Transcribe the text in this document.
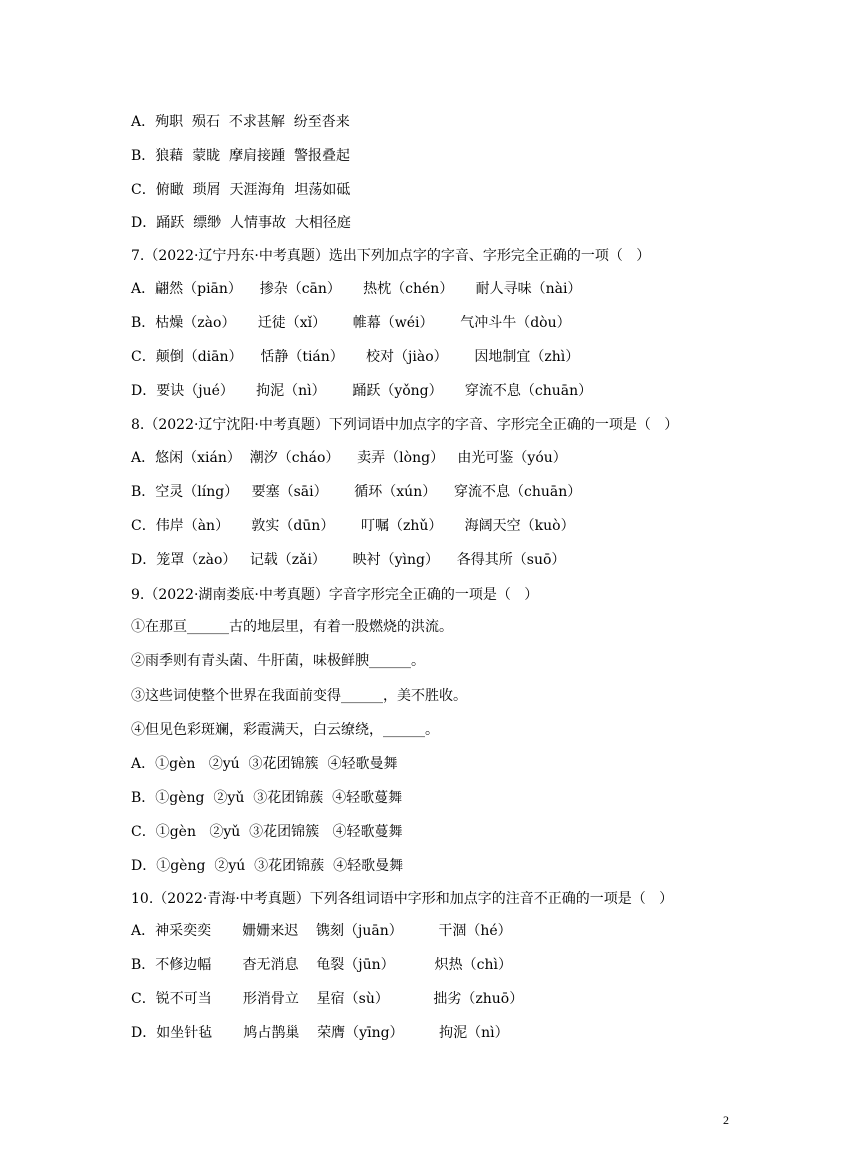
A．殉职  殒石  不求甚解  纷至沓来
B．狼藉  蒙眬  摩肩接踵  警报叠起
C．俯瞰  琐屑  天涯海角  坦荡如砥
D．踊跃  缥缈  人情事故  大相径庭
7.（2022·辽宁丹东·中考真题）选出下列加点字的字音、字形完全正确的一项（   ）
A．翩然（piān）    掺杂（cān）     热枕（chén）     耐人寻味（nài）
B．枯燥（zào）     迁徒（xǐ）      帷幕（wéi）      气冲斗牛（dòu）
C．颠倒（diān）    恬静（tián）     校对（jiào）      因地制宜（zhì）
D．要诀（jué）     拘泥（nì）      踊跃（yǒng）     穿流不息（chuān）
8.（2022·辽宁沈阳·中考真题）下列词语中加点字的字音、字形完全正确的一项是（   ）
A．悠闲（xián）  潮汐（cháo）    卖弄（lòng）   由光可鉴（yóu）
B．空灵（líng）   要塞（sāi）      循环（xún）    穿流不息（chuān）
C．伟岸（àn）     敦实（dūn）      叮嘱（zhǔ）     海阔天空（kuò）
D．笼罩（zào）   记载（zǎi）      映衬（yìng）    各得其所（suō）
9.（2022·湖南娄底·中考真题）字音字形完全正确的一项是（   ）
①在那亘______古的地层里，有着一股燃烧的洪流。
②雨季则有青头菌、牛肝菌，味极鲜腴______。
③这些词使整个世界在我面前变得______，美不胜收。
④但见色彩斑斓，彩霞满天，白云缭绕，______。
A．①gèn   ②yú  ③花团锦簇  ④轻歌曼舞
B．①gèng  ②yǔ  ③花团锦蔟  ④轻歌蔓舞
C．①gèn   ②yǔ  ③花团锦簇   ④轻歌蔓舞
D．①gèng  ②yú  ③花团锦蔟  ④轻歌曼舞
10.（2022·青海·中考真题）下列各组词语中字形和加点字的注音不正确的一项是（   ）
A．神采奕奕       姗姗来迟    镌刻（juān）        干涸（hé）
B．不修边幅       杳无消息    龟裂（jūn）         炽热（chì）
C．锐不可当       形消骨立    星宿（sù）          拙劣（zhuō）
D．如坐针毡       鸠占鹊巢    荣膺（yīng）        拘泥（nì）
2
